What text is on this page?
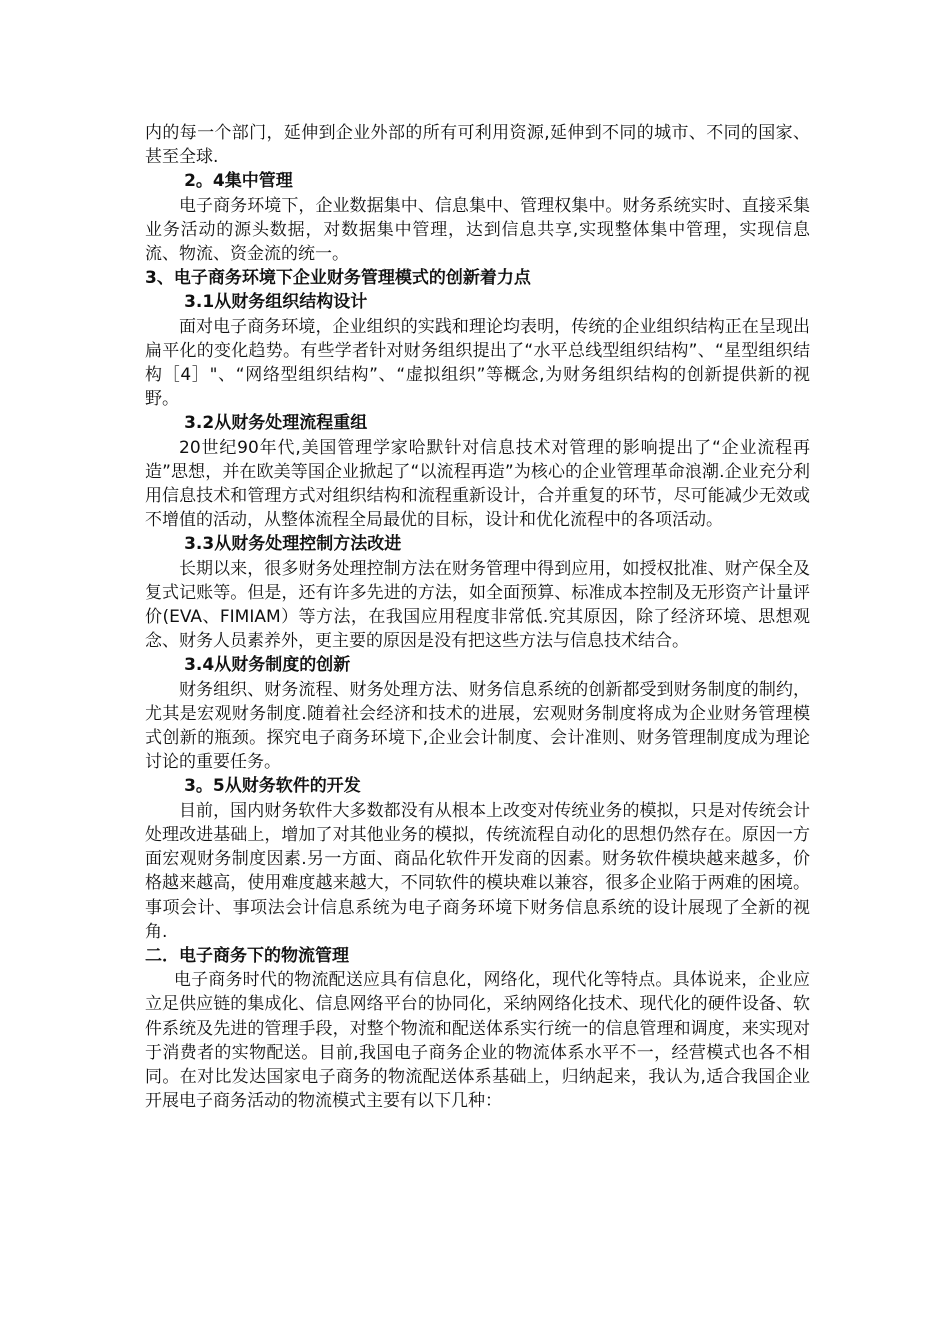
内的每一个部门，延伸到企业外部的所有可利用资源,延伸到不同的城市、不同的国家、甚至全球.

2。4集中管理

电子商务环境下，企业数据集中、信息集中、管理权集中。财务系统实时、直接采集业务活动的源头数据，对数据集中管理，达到信息共享,实现整体集中管理，实现信息流、物流、资金流的统一。

3、电子商务环境下企业财务管理模式的创新着力点

3.1从财务组织结构设计

面对电子商务环境，企业组织的实践和理论均表明，传统的企业组织结构正在呈现出扁平化的变化趋势。有些学者针对财务组织提出了“水平总线型组织结构”、“星型组织结构［4］"、“网络型组织结构”、“虚拟组织”等概念,为财务组织结构的创新提供新的视野。

3.2从财务处理流程重组

20世纪90年代,美国管理学家哈默针对信息技术对管理的影响提出了“企业流程再造”思想，并在欧美等国企业掀起了“以流程再造”为核心的企业管理革命浪潮.企业充分利用信息技术和管理方式对组织结构和流程重新设计，合并重复的环节，尽可能减少无效或不增值的活动，从整体流程全局最优的目标，设计和优化流程中的各项活动。

3.3从财务处理控制方法改进

长期以来，很多财务处理控制方法在财务管理中得到应用，如授权批准、财产保全及复式记账等。但是，还有许多先进的方法，如全面预算、标准成本控制及无形资产计量评价(EVA、FIMIAM）等方法，在我国应用程度非常低.究其原因，除了经济环境、思想观念、财务人员素养外，更主要的原因是没有把这些方法与信息技术结合。

3.4从财务制度的创新

财务组织、财务流程、财务处理方法、财务信息系统的创新都受到财务制度的制约，尤其是宏观财务制度.随着社会经济和技术的进展，宏观财务制度将成为企业财务管理模式创新的瓶颈。探究电子商务环境下,企业会计制度、会计准则、财务管理制度成为理论讨论的重要任务。

3。5从财务软件的开发

目前，国内财务软件大多数都没有从根本上改变对传统业务的模拟，只是对传统会计处理改进基础上，增加了对其他业务的模拟，传统流程自动化的思想仍然存在。原因一方面宏观财务制度因素.另一方面、商品化软件开发商的因素。财务软件模块越来越多，价格越来越高，使用难度越来越大，不同软件的模块难以兼容，很多企业陷于两难的困境。事项会计、事项法会计信息系统为电子商务环境下财务信息系统的设计展现了全新的视角.

二．电子商务下的物流管理

电子商务时代的物流配送应具有信息化，网络化，现代化等特点。具体说来，企业应立足供应链的集成化、信息网络平台的协同化，采纳网络化技术、现代化的硬件设备、软件系统及先进的管理手段，对整个物流和配送体系实行统一的信息管理和调度，来实现对于消费者的实物配送。目前,我国电子商务企业的物流体系水平不一，经营模式也各不相同。在对比发达国家电子商务的物流配送体系基础上，归纳起来，我认为,适合我国企业开展电子商务活动的物流模式主要有以下几种：
